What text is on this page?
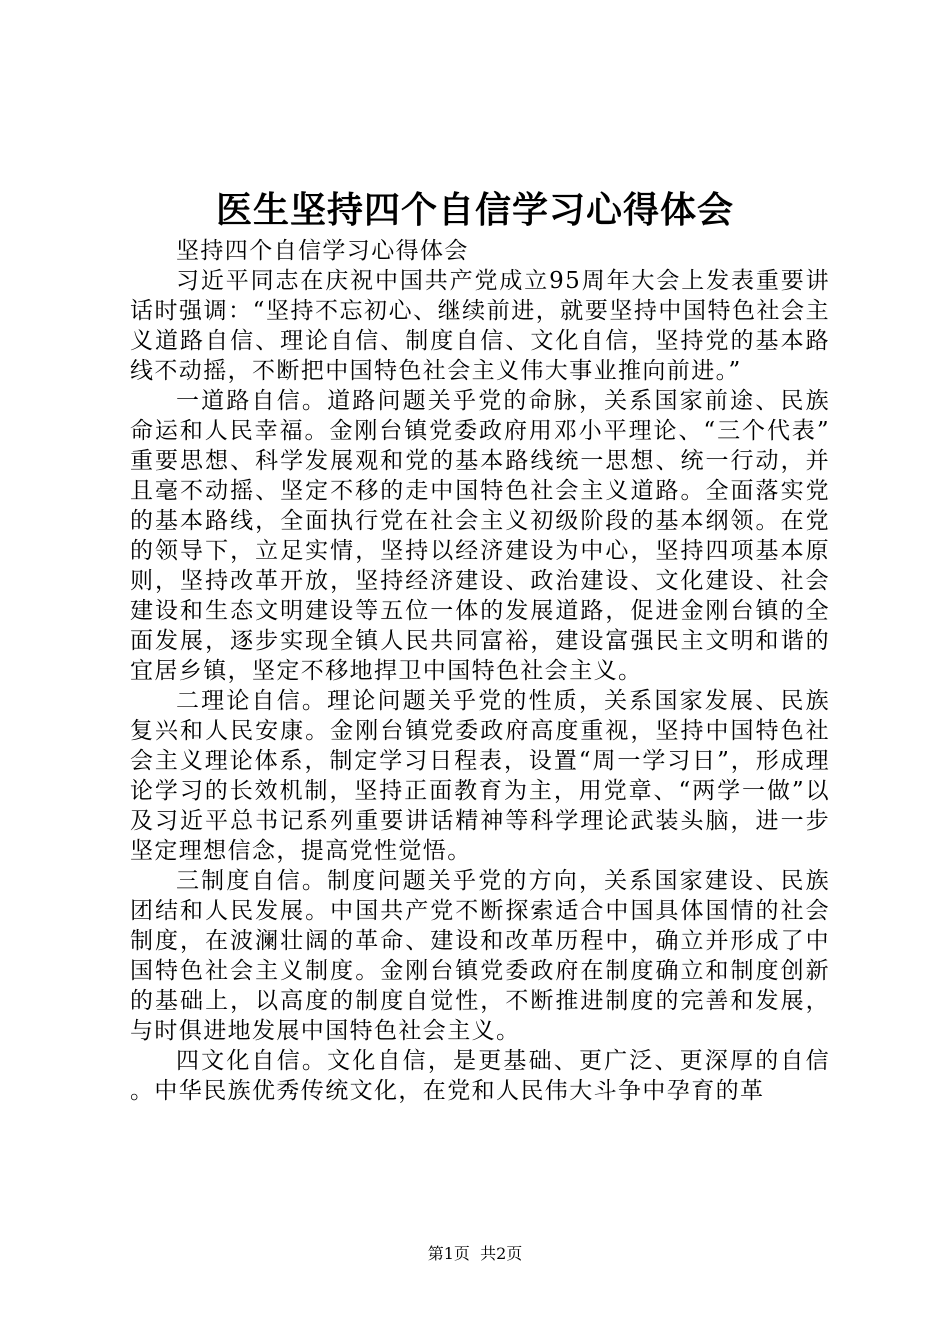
医生坚持四个自信学习心得体会

坚持四个自信学习心得体会

习近平同志在庆祝中国共产党成立95周年大会上发表重要讲话时强调：“坚持不忘初心、继续前进，就要坚持中国特色社会主义道路自信、理论自信、制度自信、文化自信，坚持党的基本路线不动摇，不断把中国特色社会主义伟大事业推向前进。”

一道路自信。道路问题关乎党的命脉，关系国家前途、民族命运和人民幸福。金刚台镇党委政府用邓小平理论、“三个代表”重要思想、科学发展观和党的基本路线统一思想、统一行动，并且毫不动摇、坚定不移的走中国特色社会主义道路。全面落实党的基本路线，全面执行党在社会主义初级阶段的基本纲领。在党的领导下，立足实情，坚持以经济建设为中心，坚持四项基本原则，坚持改革开放，坚持经济建设、政治建设、文化建设、社会建设和生态文明建设等五位一体的发展道路，促进金刚台镇的全面发展，逐步实现全镇人民共同富裕，建设富强民主文明和谐的宜居乡镇，坚定不移地捍卫中国特色社会主义。

二理论自信。理论问题关乎党的性质，关系国家发展、民族复兴和人民安康。金刚台镇党委政府高度重视，坚持中国特色社会主义理论体系，制定学习日程表，设置“周一学习日”，形成理论学习的长效机制，坚持正面教育为主，用党章、“两学一做”以及习近平总书记系列重要讲话精神等科学理论武装头脑，进一步坚定理想信念，提高党性觉悟。

三制度自信。制度问题关乎党的方向，关系国家建设、民族团结和人民发展。中国共产党不断探索适合中国具体国情的社会制度，在波澜壮阔的革命、建设和改革历程中，确立并形成了中国特色社会主义制度。金刚台镇党委政府在制度确立和制度创新的基础上，以高度的制度自觉性，不断推进制度的完善和发展，与时俱进地发展中国特色社会主义。

四文化自信。文化自信，是更基础、更广泛、更深厚的自信。中华民族优秀传统文化，在党和人民伟大斗争中孕育的革

第1页  共2页
